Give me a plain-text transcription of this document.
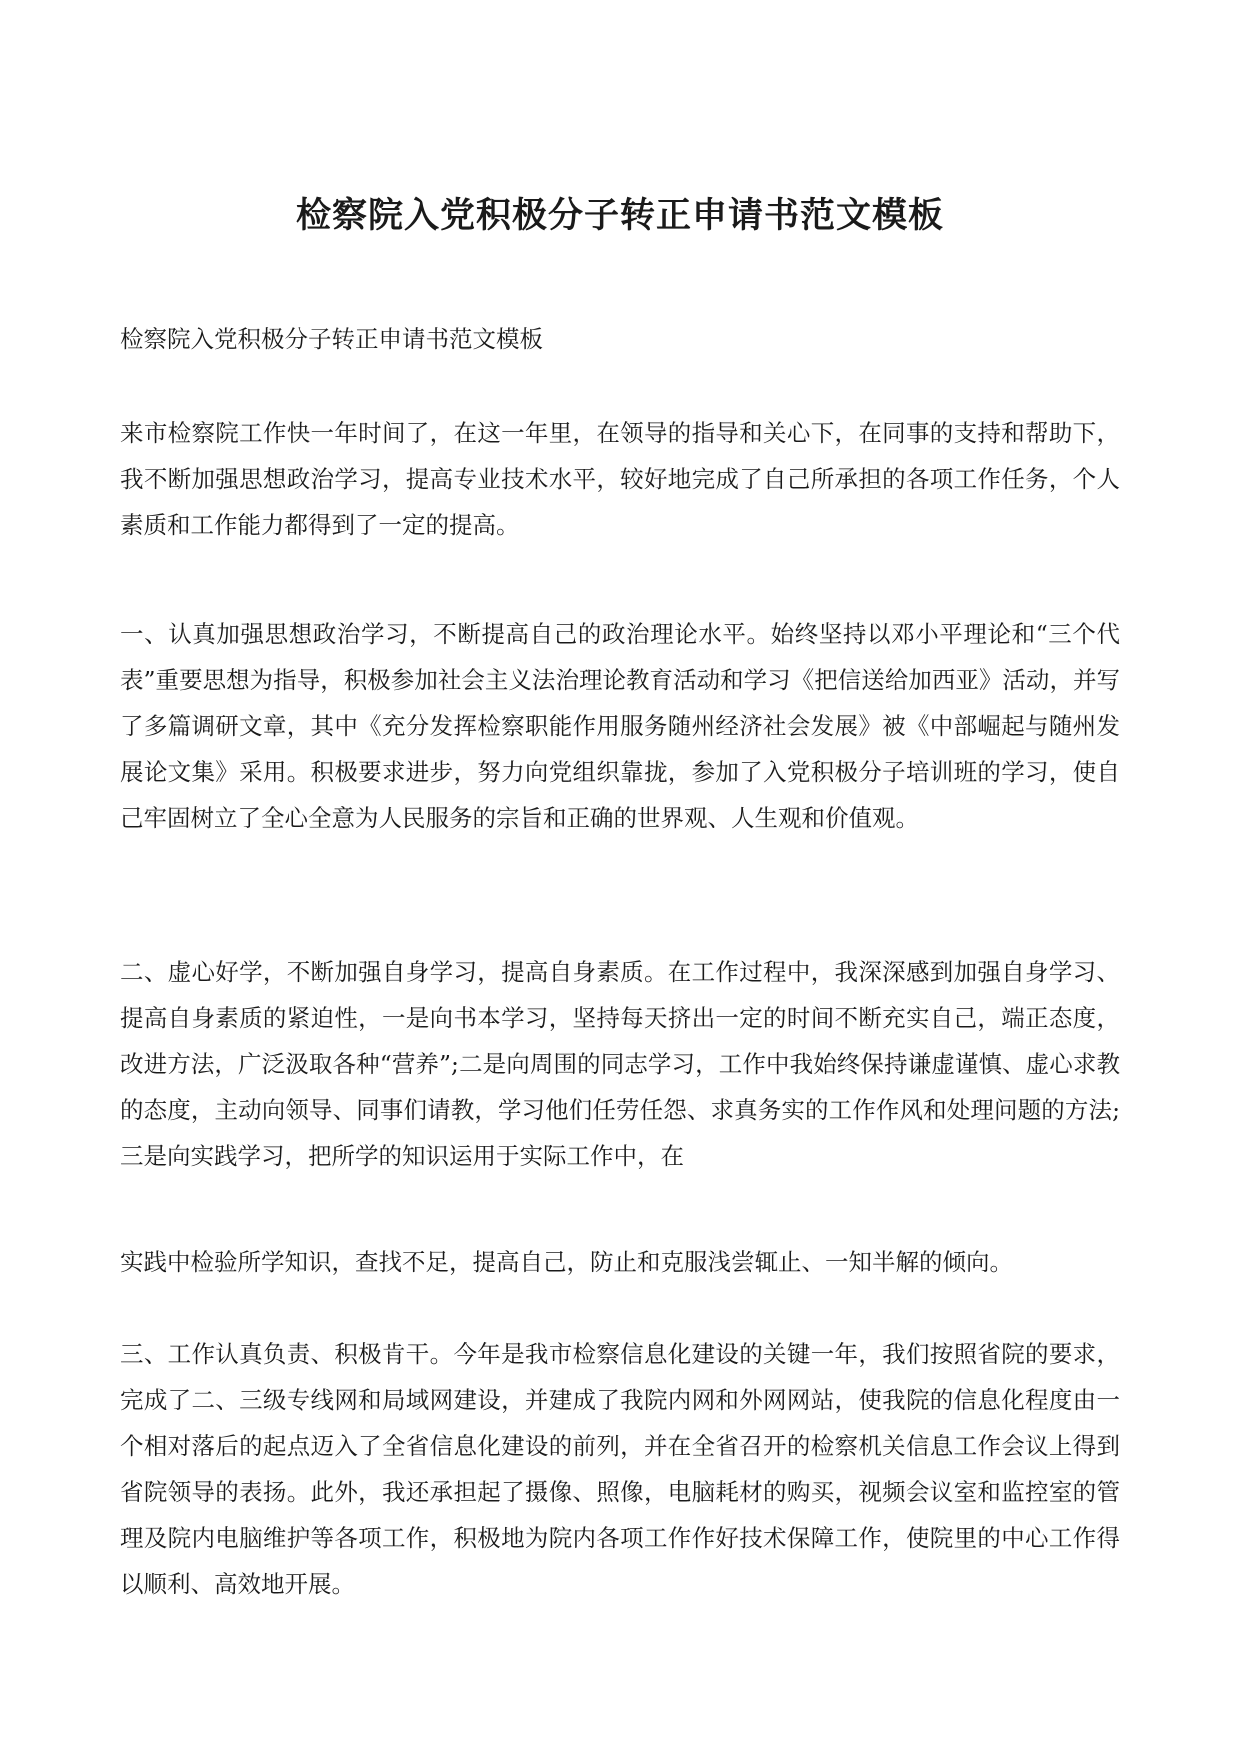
检察院入党积极分子转正申请书范文模板

检察院入党积极分子转正申请书范文模板

来市检察院工作快一年时间了，在这一年里，在领导的指导和关心下，在同事的支持和帮助下，我不断加强思想政治学习，提高专业技术水平，较好地完成了自己所承担的各项工作任务，个人素质和工作能力都得到了一定的提高。

一、认真加强思想政治学习，不断提高自己的政治理论水平。始终坚持以邓小平理论和“三个代表”重要思想为指导，积极参加社会主义法治理论教育活动和学习《把信送给加西亚》活动，并写了多篇调研文章，其中《充分发挥检察职能作用服务随州经济社会发展》被《中部崛起与随州发展论文集》采用。积极要求进步，努力向党组织靠拢，参加了入党积极分子培训班的学习，使自己牢固树立了全心全意为人民服务的宗旨和正确的世界观、人生观和价值观。

二、虚心好学，不断加强自身学习，提高自身素质。在工作过程中，我深深感到加强自身学习、提高自身素质的紧迫性，一是向书本学习，坚持每天挤出一定的时间不断充实自己，端正态度，改进方法，广泛汲取各种“营养”;二是向周围的同志学习，工作中我始终保持谦虚谨慎、虚心求教的态度，主动向领导、同事们请教，学习他们任劳任怨、求真务实的工作作风和处理问题的方法;三是向实践学习，把所学的知识运用于实际工作中，在

实践中检验所学知识，查找不足，提高自己，防止和克服浅尝辄止、一知半解的倾向。

三、工作认真负责、积极肯干。今年是我市检察信息化建设的关键一年，我们按照省院的要求，完成了二、三级专线网和局域网建设，并建成了我院内网和外网网站，使我院的信息化程度由一个相对落后的起点迈入了全省信息化建设的前列，并在全省召开的检察机关信息工作会议上得到省院领导的表扬。此外，我还承担起了摄像、照像，电脑耗材的购买，视频会议室和监控室的管理及院内电脑维护等各项工作，积极地为院内各项工作作好技术保障工作，使院里的中心工作得以顺利、高效地开展。
